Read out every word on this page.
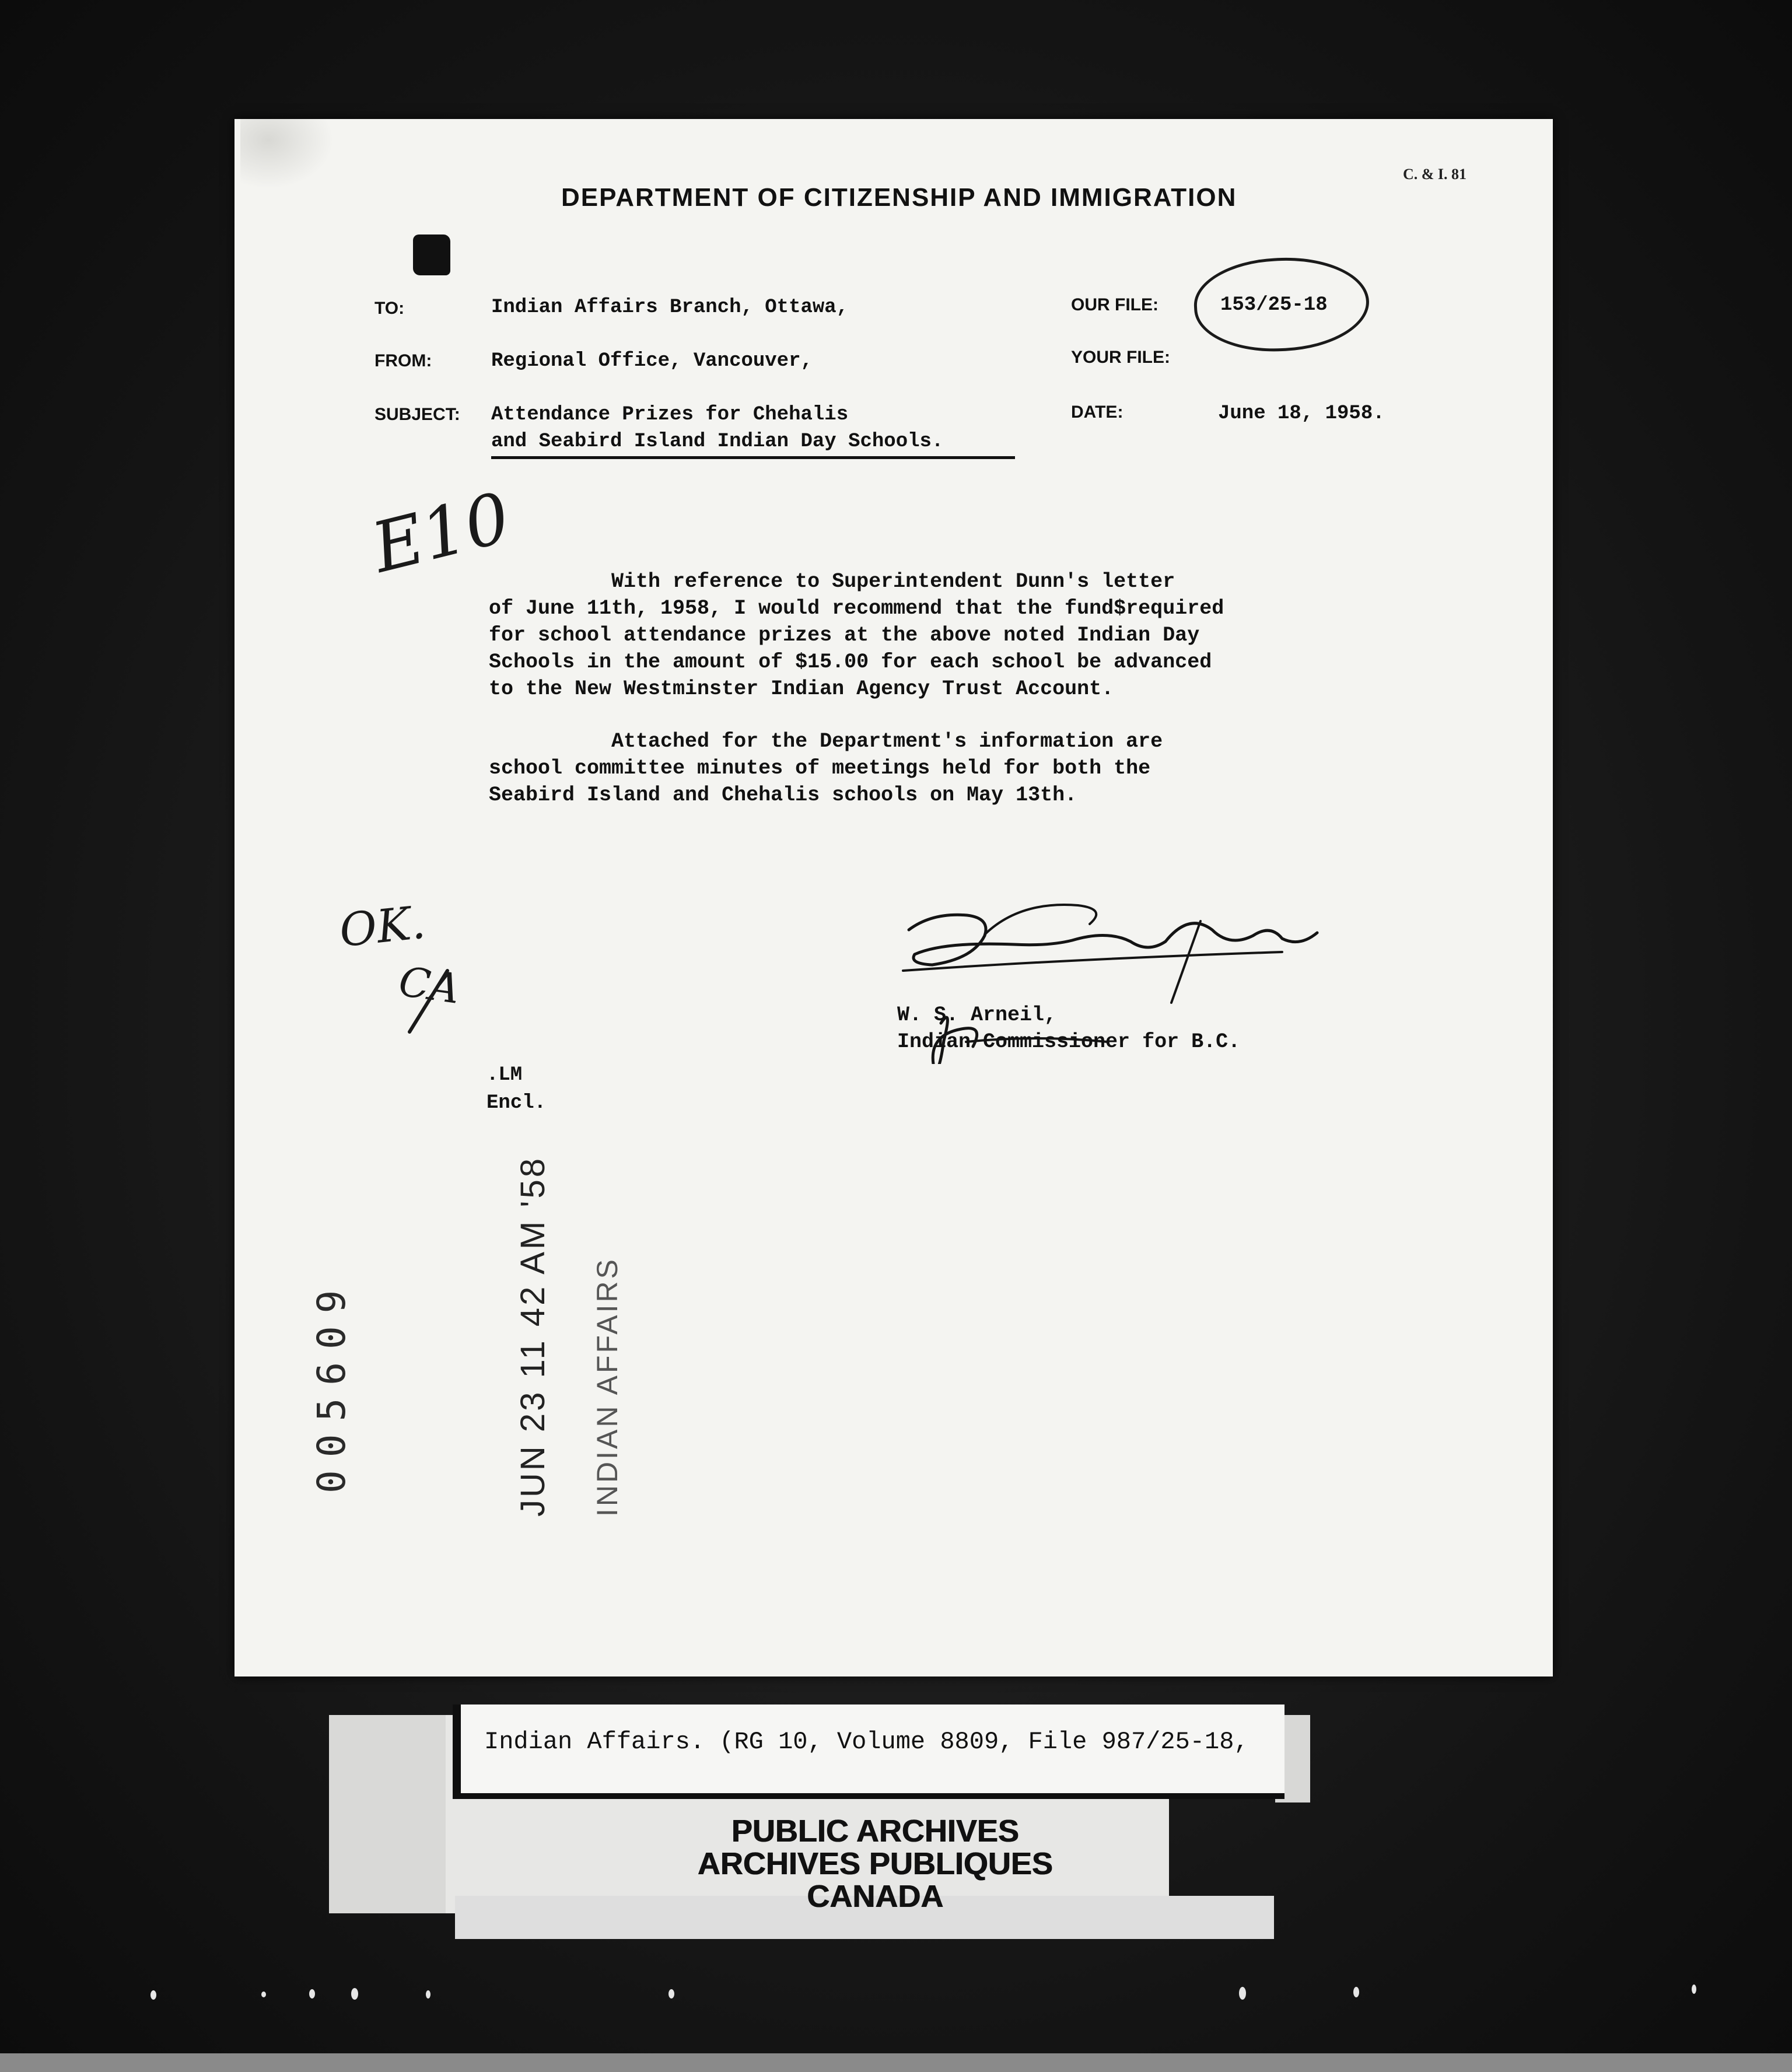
C. & I. 81
DEPARTMENT OF CITIZENSHIP AND IMMIGRATION
TO:	Indian Affairs Branch, Ottawa,
FROM:	Regional Office, Vancouver,
SUBJECT: Attendance Prizes for Chehalis
and Seabird Island Indian Day Schools.
OUR FILE:	153/25-18
YOUR FILE:
DATE:	June 18, 1958.
E10	With reference to Superintendent Dunn's letter
of June 11th, 1958, I would recommend that the fund$required
for school attendance prizes at the above noted Indian Day
Schools in the amount of $15.00 for each school be advanced
to the New Westminster Indian Agency Trust Account.
Attached for the Department's information are
school committee minutes of meetings held for both the
Seabird Island and Chehalis schools on May 13th.
OK.
CA
W. S. Arneil,
Indian Commissioner for B.C.
.LM
Encl.
005609	JUN 23 11 42 AM '58 INDIAN AFFAIRS
Indian Affairs. (RG 10, Volume 8809, File 987/25-18,
PUBLIC ARCHIVES
ARCHIVES PUBLIQUES
CANADA
